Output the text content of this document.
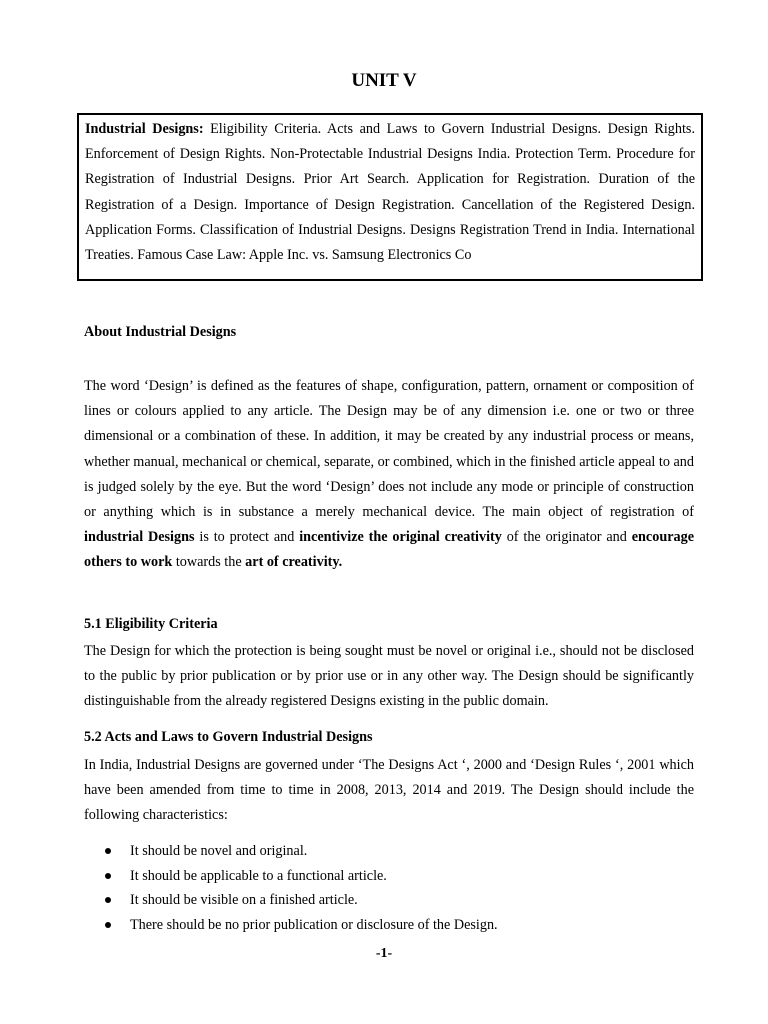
UNIT V
Industrial Designs: Eligibility Criteria. Acts and Laws to Govern Industrial Designs. Design Rights. Enforcement of Design Rights. Non-Protectable Industrial Designs India. Protection Term. Procedure for Registration of Industrial Designs. Prior Art Search. Application for Registration. Duration of the Registration of a Design. Importance of Design Registration. Cancellation of the Registered Design. Application Forms. Classification of Industrial Designs. Designs Registration Trend in India. International Treaties. Famous Case Law: Apple Inc. vs. Samsung Electronics Co
About Industrial Designs
The word ‘Design’ is defined as the features of shape, configuration, pattern, ornament or composition of lines or colours applied to any article. The Design may be of any dimension i.e. one or two or three dimensional or a combination of these. In addition, it may be created by any industrial process or means, whether manual, mechanical or chemical, separate, or combined, which in the finished article appeal to and is judged solely by the eye. But the word ‘Design’ does not include any mode or principle of construction or anything which is in substance a merely mechanical device. The main object of registration of industrial Designs is to protect and incentivize the original creativity of the originator and encourage others to work towards the art of creativity.
5.1 Eligibility Criteria
The Design for which the protection is being sought must be novel or original i.e., should not be disclosed to the public by prior publication or by prior use or in any other way. The Design should be significantly distinguishable from the already registered Designs existing in the public domain.
5.2 Acts and Laws to Govern Industrial Designs
In India, Industrial Designs are governed under ‘The Designs Act ‘, 2000 and ‘Design Rules ‘, 2001 which have been amended from time to time in 2008, 2013, 2014 and 2019. The Design should include the following characteristics:
It should be novel and original.
It should be applicable to a functional article.
It should be visible on a finished article.
There should be no prior publication or disclosure of the Design.
-1-
